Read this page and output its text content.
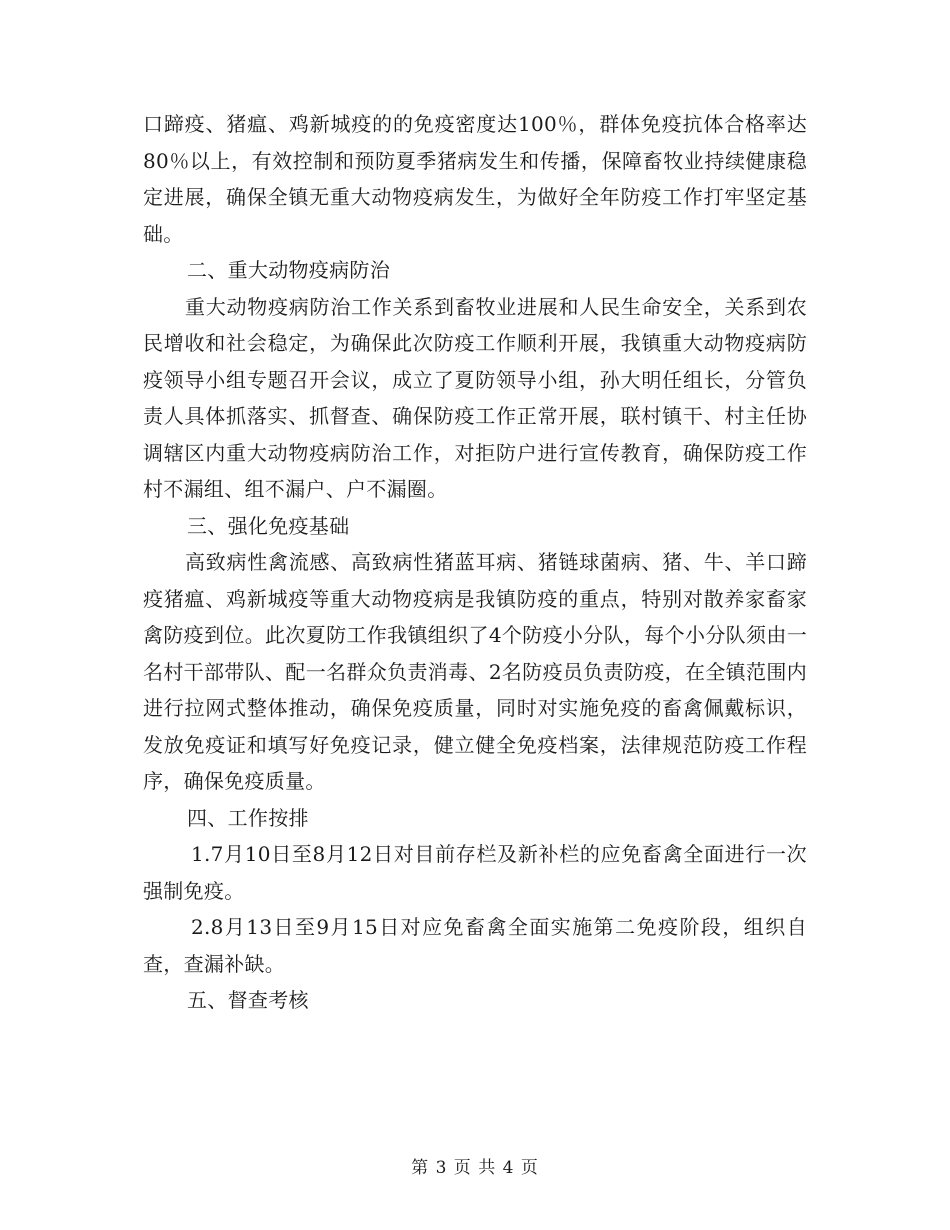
口蹄疫、猪瘟、鸡新城疫的的免疫密度达100％，群体免疫抗体合格率达80％以上，有效控制和预防夏季猪病发生和传播，保障畜牧业持续健康稳定进展，确保全镇无重大动物疫病发生，为做好全年防疫工作打牢坚定基础。

二、重大动物疫病防治

重大动物疫病防治工作关系到畜牧业进展和人民生命安全，关系到农民增收和社会稳定，为确保此次防疫工作顺利开展，我镇重大动物疫病防疫领导小组专题召开会议，成立了夏防领导小组，孙大明任组长，分管负责人具体抓落实、抓督查、确保防疫工作正常开展，联村镇干、村主任协调辖区内重大动物疫病防治工作，对拒防户进行宣传教育，确保防疫工作村不漏组、组不漏户、户不漏圈。

三、强化免疫基础

高致病性禽流感、高致病性猪蓝耳病、猪链球菌病、猪、牛、羊口蹄疫猪瘟、鸡新城疫等重大动物疫病是我镇防疫的重点，特别对散养家畜家禽防疫到位。此次夏防工作我镇组织了4个防疫小分队，每个小分队须由一名村干部带队、配一名群众负责消毒、2名防疫员负责防疫，在全镇范围内进行拉网式整体推动，确保免疫质量，同时对实施免疫的畜禽佩戴标识，发放免疫证和填写好免疫记录，健立健全免疫档案，法律规范防疫工作程序，确保免疫质量。

四、工作按排

1.7月10日至8月12日对目前存栏及新补栏的应免畜禽全面进行一次强制免疫。

2.8月13日至9月15日对应免畜禽全面实施第二免疫阶段，组织自查，查漏补缺。

五、督查考核

第 3 页 共 4 页
